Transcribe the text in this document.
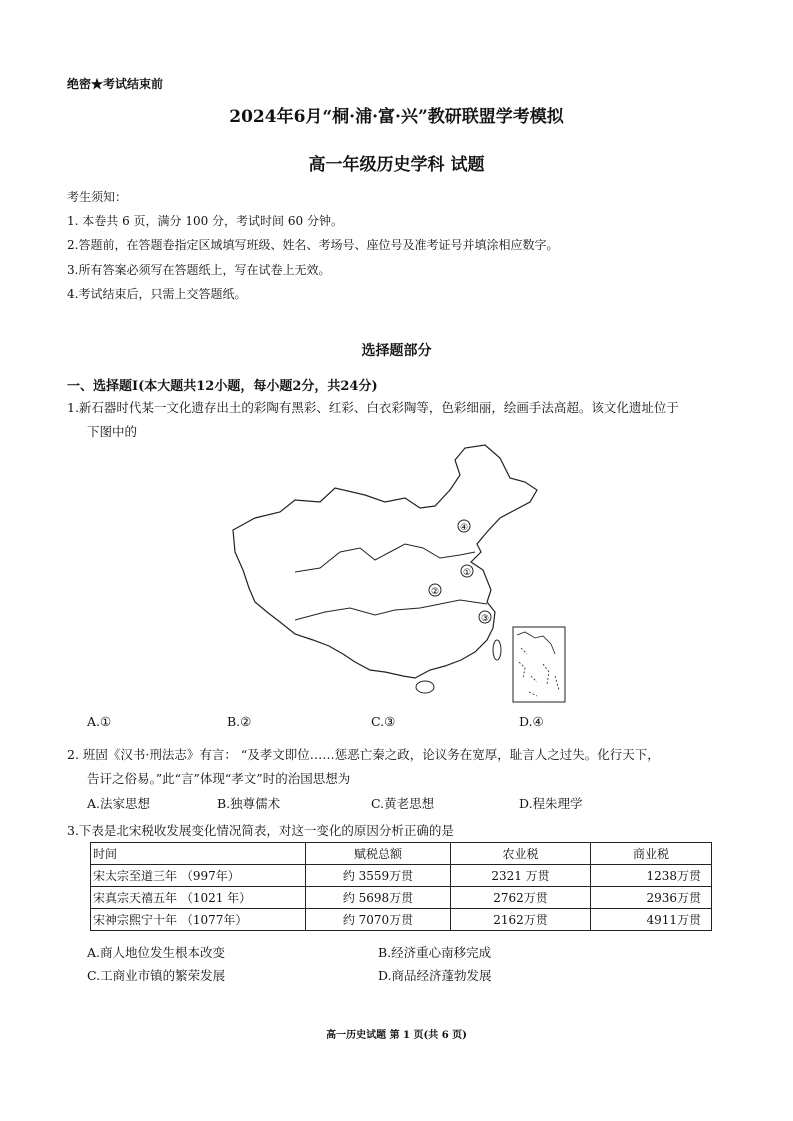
绝密★考试结束前
2024年6月“桐·浦·富·兴”教研联盟学考模拟
高一年级历史学科 试题
考生须知：
1. 本卷共 6 页，满分 100 分，考试时间 60 分钟。
2.答题前，在答题卷指定区域填写班级、姓名、考场号、座位号及准考证号并填涂相应数字。
3.所有答案必须写在答题纸上，写在试卷上无效。
4.考试结束后，只需上交答题纸。
选择题部分
一、选择题Ⅰ(本大题共12小题，每小题2分，共24分)
1.新石器时代某一文化遗存出土的彩陶有黑彩、红彩、白衣彩陶等，色彩细丽，绘画手法高超。该文化遗址位于
下图中的
④
①
②
③
A.①	B.②	C.③	D.④
2. 班固《汉书·刑法志》有言： “及孝文即位……惩恶亡秦之政，论议务在宽厚，耻言人之过失。化行天下，
告讦之俗易。”此“言”体现“孝文”时的治国思想为
A.法家思想	B.独尊儒术	C.黄老思想	D.程朱理学
3.下表是北宋税收发展变化情况简表，对这一变化的原因分析正确的是
时间	赋税总额	农业税	商业税
宋太宗至道三年 （997年）	约 3559万贯	2321 万贯	1238万贯
宋真宗天禧五年 （1021 年）	约 5698万贯	2762万贯	2936万贯
宋神宗熙宁十年 （1077年）	约 7070万贯	2162万贯	4911万贯
A.商人地位发生根本改变	B.经济重心南移完成
C.工商业市镇的繁荣发展	D.商品经济蓬勃发展
高一历史试题 第 1 页(共 6 页)
